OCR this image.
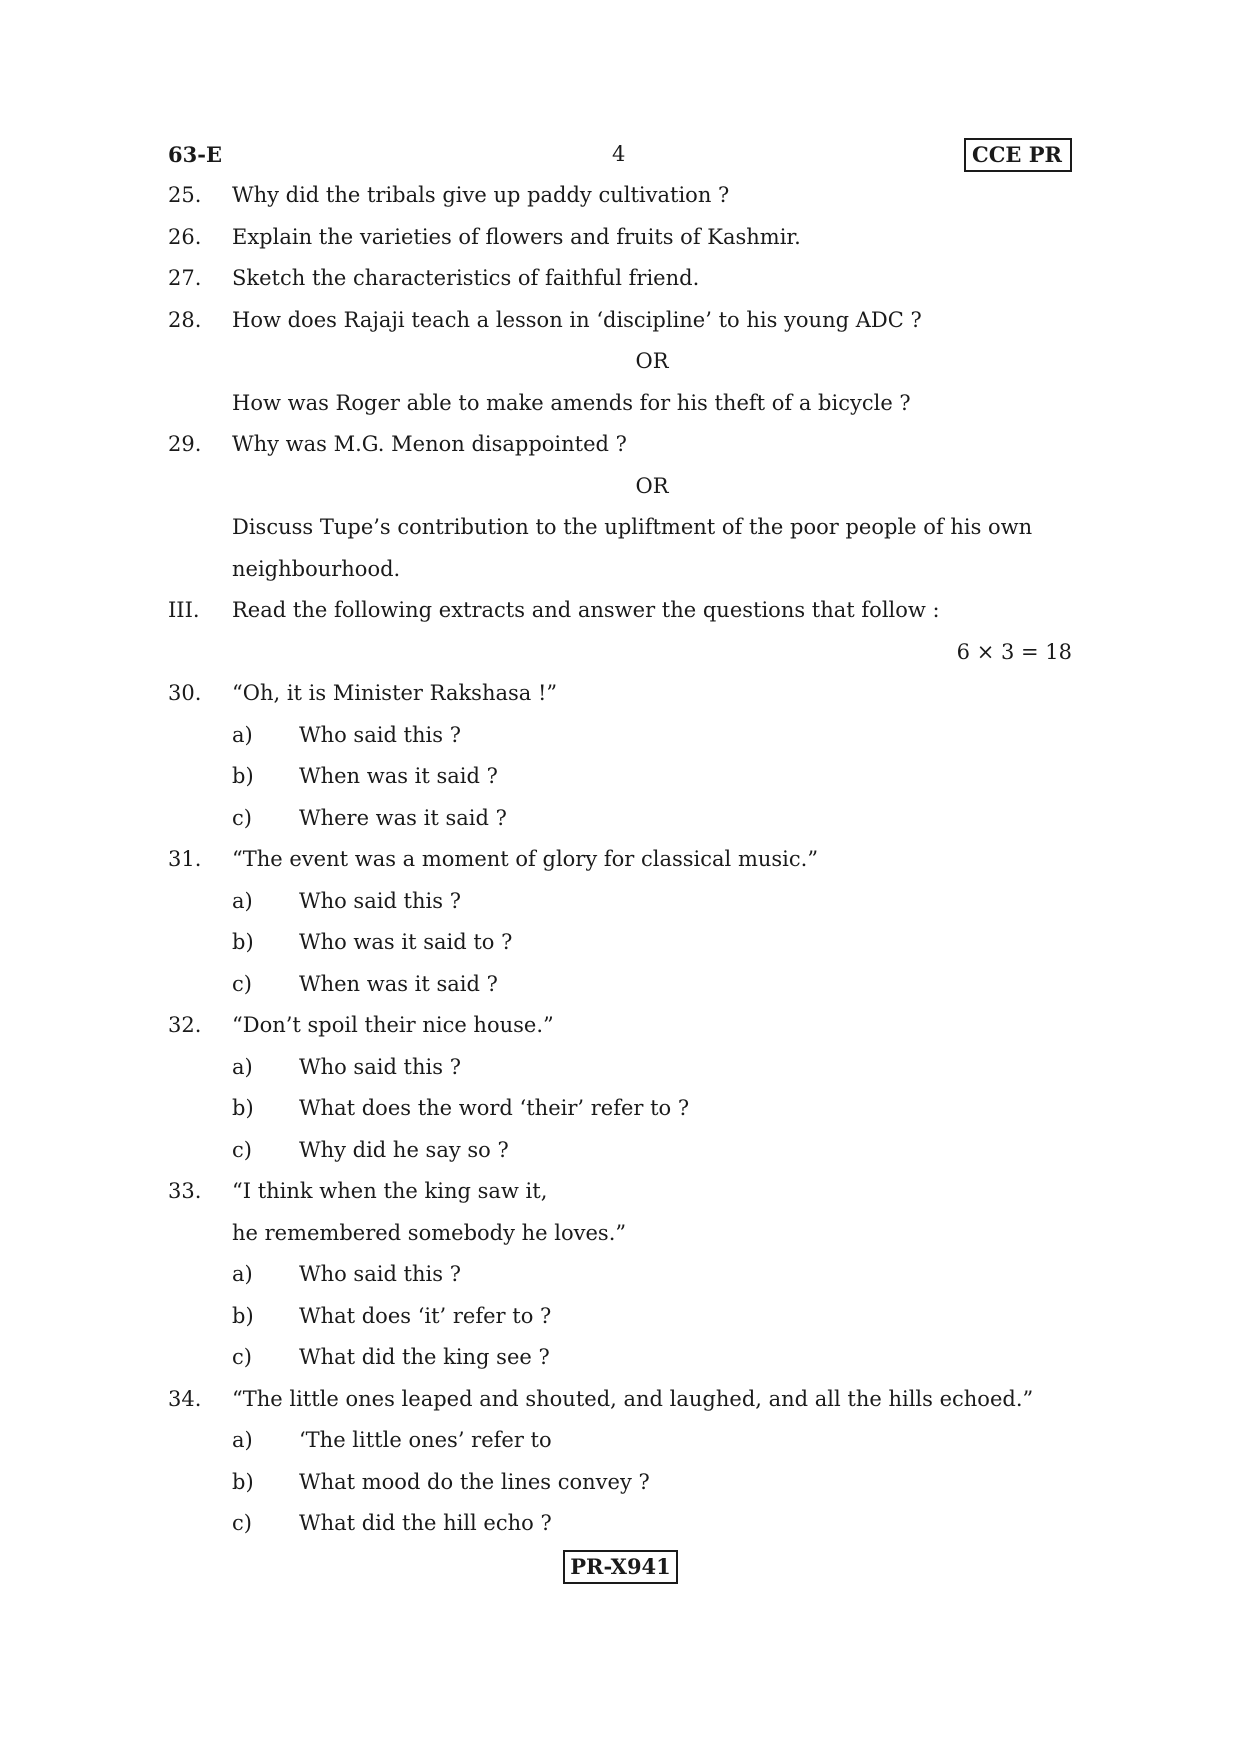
63-E	4	CCE PR
25. Why did the tribals give up paddy cultivation ?
26. Explain the varieties of flowers and fruits of Kashmir.
27. Sketch the characteristics of faithful friend.
28. How does Rajaji teach a lesson in ‘discipline’ to his young ADC ?
OR
How was Roger able to make amends for his theft of a bicycle ?
29. Why was M.G. Menon disappointed ?
OR
Discuss Tupe’s contribution to the upliftment of the poor people of his own
neighbourhood.
III. Read the following extracts and answer the questions that follow :
6 × 3 = 18
30. “Oh, it is Minister Rakshasa !”
a) Who said this ?
b) When was it said ?
c) Where was it said ?
31. “The event was a moment of glory for classical music.”
a) Who said this ?
b) Who was it said to ?
c) When was it said ?
32. “Don’t spoil their nice house.”
a) Who said this ?
b) What does the word ‘their’ refer to ?
c) Why did he say so ?
33. “I think when the king saw it,
he remembered somebody he loves.”
a) Who said this ?
b) What does ‘it’ refer to ?
c) What did the king see ?
34. “The little ones leaped and shouted, and laughed, and all the hills echoed.”
a) ‘The little ones’ refer to
b) What mood do the lines convey ?
c) What did the hill echo ?
PR-X941
